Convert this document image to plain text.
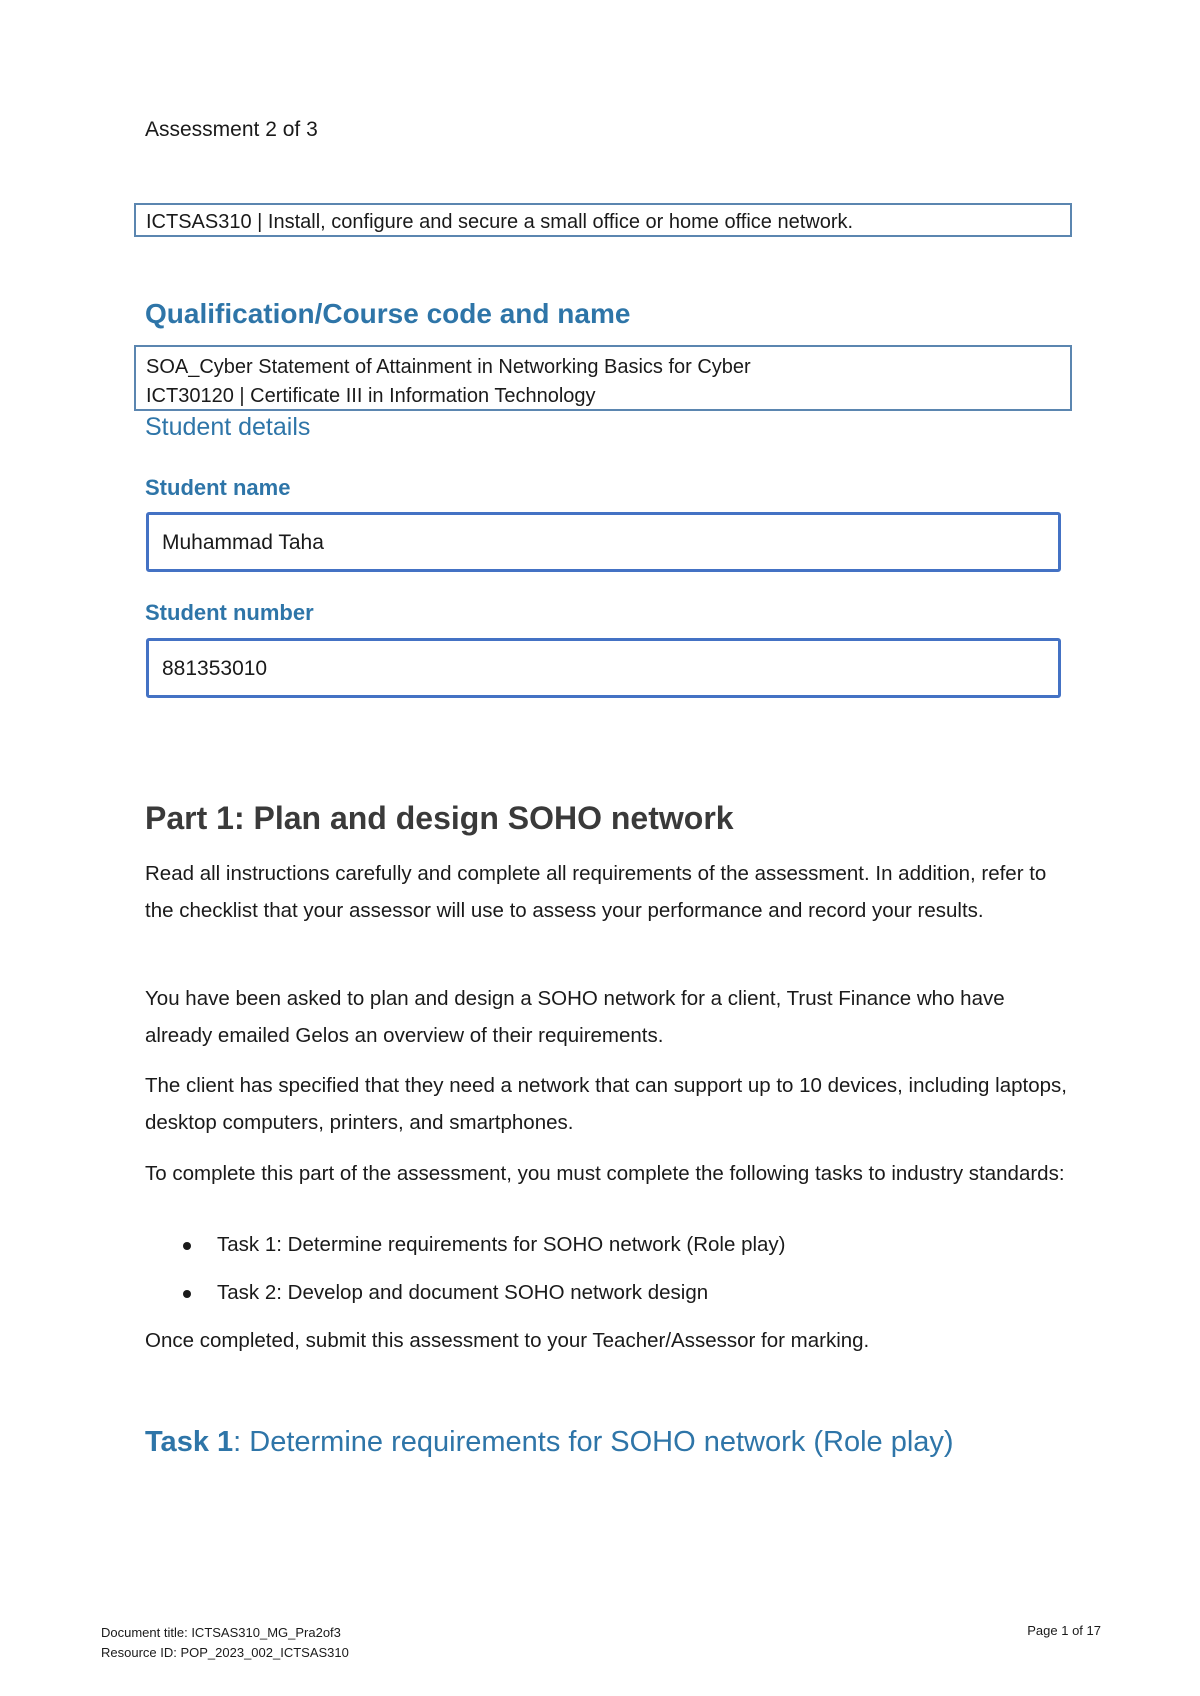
Assessment 2 of 3
ICTSAS310 | Install, configure and secure a small office or home office network.
Qualification/Course code and name
SOA_Cyber Statement of Attainment in Networking Basics for Cyber
ICT30120 | Certificate III in Information Technology
Student details
Student name
Muhammad Taha
Student number
881353010
Part 1: Plan and design SOHO network
Read all instructions carefully and complete all requirements of the assessment. In addition, refer to the checklist that your assessor will use to assess your performance and record your results.
You have been asked to plan and design a SOHO network for a client, Trust Finance who have already emailed Gelos an overview of their requirements.
The client has specified that they need a network that can support up to 10 devices, including laptops, desktop computers, printers, and smartphones.
To complete this part of the assessment, you must complete the following tasks to industry standards:
Task 1: Determine requirements for SOHO network (Role play)
Task 2: Develop and document SOHO network design
Once completed, submit this assessment to your Teacher/Assessor for marking.
Task 1: Determine requirements for SOHO network (Role play)
Document title: ICTSAS310_MG_Pra2of3
Resource ID: POP_2023_002_ICTSAS310
Page 1 of 17
